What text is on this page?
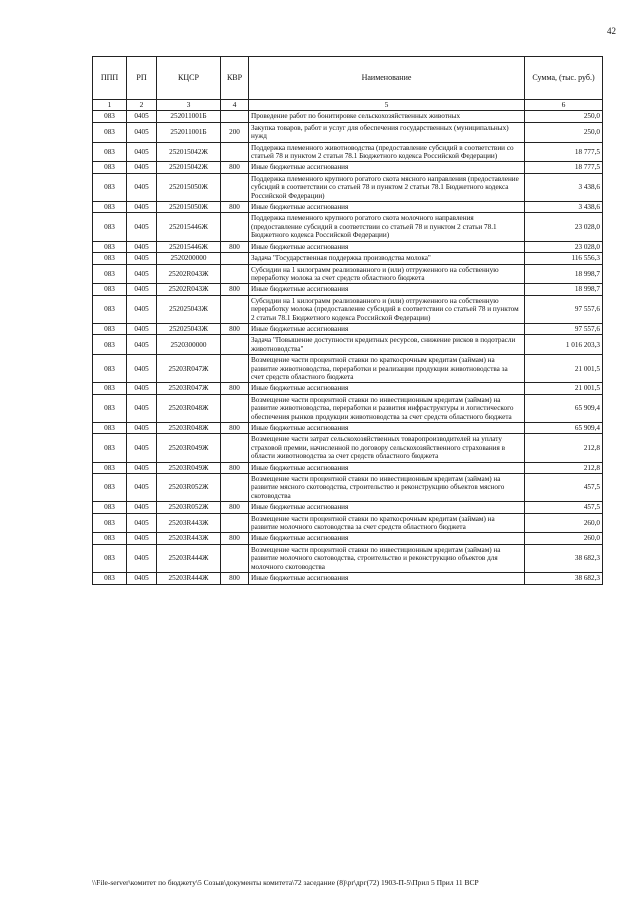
42
ППП	РП	КЦСР	КВР	Наименование	Сумма, (тыс. руб.)
1	2	3	4	5	6
083	0405	252011001Б		Проведение работ по бонитировке сельскохозяйственных животных	250,0
083	0405	252011001Б	200	Закупка товаров, работ и услуг для обеспечения государственных (муниципальных) нужд	250,0
083	0405	252015042Ж		Поддержка племенного животноводства (предоставление субсидий в соответствии со статьей 78 и пунктом 2 статьи 78.1 Бюджетного кодекса Российской Федерации)	18 777,5
083	0405	252015042Ж	800	Иные бюджетные ассигнования	18 777,5
083	0405	252015050Ж		Поддержка племенного крупного рогатого скота мясного направления (предоставление субсидий в соответствии со статьей 78 и пунктом 2 статьи 78.1 Бюджетного кодекса Российской Федерации)	3 438,6
083	0405	252015050Ж	800	Иные бюджетные ассигнования	3 438,6
083	0405	252015446Ж		Поддержка племенного крупного рогатого скота молочного направления (предоставление субсидий в соответствии со статьей 78 и пунктом 2 статьи 78.1 Бюджетного кодекса Российской Федерации)	23 028,0
083	0405	252015446Ж	800	Иные бюджетные ассигнования	23 028,0
083	0405	2520200000		Задача "Государственная поддержка производства молока"	116 556,3
083	0405	25202R043Ж		Субсидии на 1 килограмм реализованного и (или) отгруженного на собственную переработку молока за счет средств областного бюджета	18 998,7
083	0405	25202R043Ж	800	Иные бюджетные ассигнования	18 998,7
083	0405	252025043Ж		Субсидии на 1 килограмм реализованного и (или) отгруженного на собственную переработку молока (предоставление субсидий в соответствии со статьей 78 и пунктом 2 статьи 78.1 Бюджетного кодекса Российской Федерации)	97 557,6
083	0405	252025043Ж	800	Иные бюджетные ассигнования	97 557,6
083	0405	2520300000		Задача "Повышение доступности кредитных ресурсов, снижение рисков в подотрасли животноводства"	1 016 203,3
083	0405	25203R047Ж		Возмещение части процентной ставки по краткосрочным кредитам (займам) на развитие животноводства, переработки и реализации продукции животноводства за счет средств областного бюджета	21 001,5
083	0405	25203R047Ж	800	Иные бюджетные ассигнования	21 001,5
083	0405	25203R048Ж		Возмещение части процентной ставки по инвестиционным кредитам (займам) на развитие животноводства, переработки и развития инфраструктуры и логистического обеспечения рынков продукции животноводства за счет средств областного бюджета	65 909,4
083	0405	25203R048Ж	800	Иные бюджетные ассигнования	65 909,4
083	0405	25203R049Ж		Возмещение части затрат сельскохозяйственных товаропроизводителей на уплату страховой премии, начисленной по договору сельскохозяйственного страхования в области животноводства за счет средств областного бюджета	212,8
083	0405	25203R049Ж	800	Иные бюджетные ассигнования	212,8
083	0405	25203R052Ж		Возмещение части процентной ставки по инвестиционным кредитам (займам) на развитие мясного скотоводства, строительство и реконструкцию объектов мясного скотоводства	457,5
083	0405	25203R052Ж	800	Иные бюджетные ассигнования	457,5
083	0405	25203R443Ж		Возмещение части процентной ставки по краткосрочным кредитам (займам) на развитие молочного скотоводства за счет средств областного бюджета	260,0
083	0405	25203R443Ж	800	Иные бюджетные ассигнования	260,0
083	0405	25203R444Ж		Возмещение части процентной ставки по инвестиционным кредитам (займам) на развитие молочного скотоводства, строительство и реконструкцию объектов для молочного скотоводства	38 682,3
083	0405	25203R444Ж	800	Иные бюджетные ассигнования	38 682,3
\\File-server\комитет по бюджету\5 Созыв\документы комитета\72 заседание (8)\pr\дрг(72) 1903-П-5\Прил 5 Прил 11 ВСР
